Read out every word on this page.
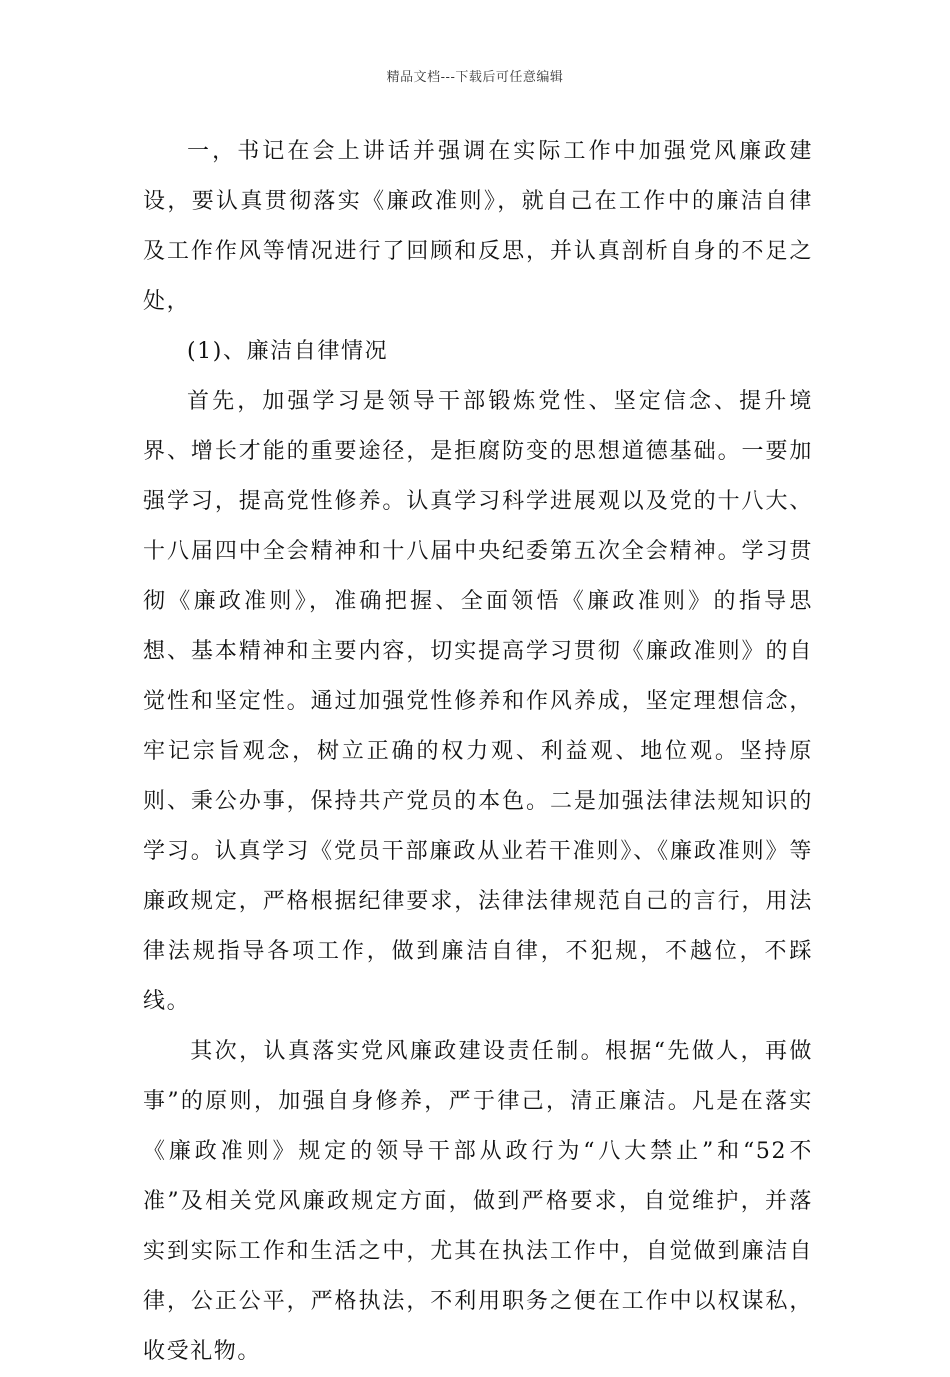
精品文档---下载后可任意编辑

一，书记在会上讲话并强调在实际工作中加强党风廉政建设，要认真贯彻落实《廉政准则》，就自己在工作中的廉洁自律及工作作风等情况进行了回顾和反思，并认真剖析自身的不足之处，

(1)、廉洁自律情况

首先，加强学习是领导干部锻炼党性、坚定信念、提升境界、增长才能的重要途径，是拒腐防变的思想道德基础。一要加强学习，提高党性修养。认真学习科学进展观以及党的十八大、十八届四中全会精神和十八届中央纪委第五次全会精神。学习贯彻《廉政准则》，准确把握、全面领悟《廉政准则》的指导思想、基本精神和主要内容，切实提高学习贯彻《廉政准则》的自觉性和坚定性。通过加强党性修养和作风养成，坚定理想信念，牢记宗旨观念，树立正确的权力观、利益观、地位观。坚持原则、秉公办事，保持共产党员的本色。二是加强法律法规知识的学习。认真学习《党员干部廉政从业若干准则》、《廉政准则》等廉政规定，严格根据纪律要求，法律法律规范自己的言行，用法律法规指导各项工作，做到廉洁自律，不犯规，不越位，不踩线。

其次，认真落实党风廉政建设责任制。根据“先做人，再做事”的原则，加强自身修养，严于律己，清正廉洁。凡是在落实《廉政准则》规定的领导干部从政行为“八大禁止”和“52不准”及相关党风廉政规定方面，做到严格要求，自觉维护，并落实到实际工作和生活之中，尤其在执法工作中，自觉做到廉洁自律，公正公平，严格执法，不利用职务之便在工作中以权谋私，收受礼物。
